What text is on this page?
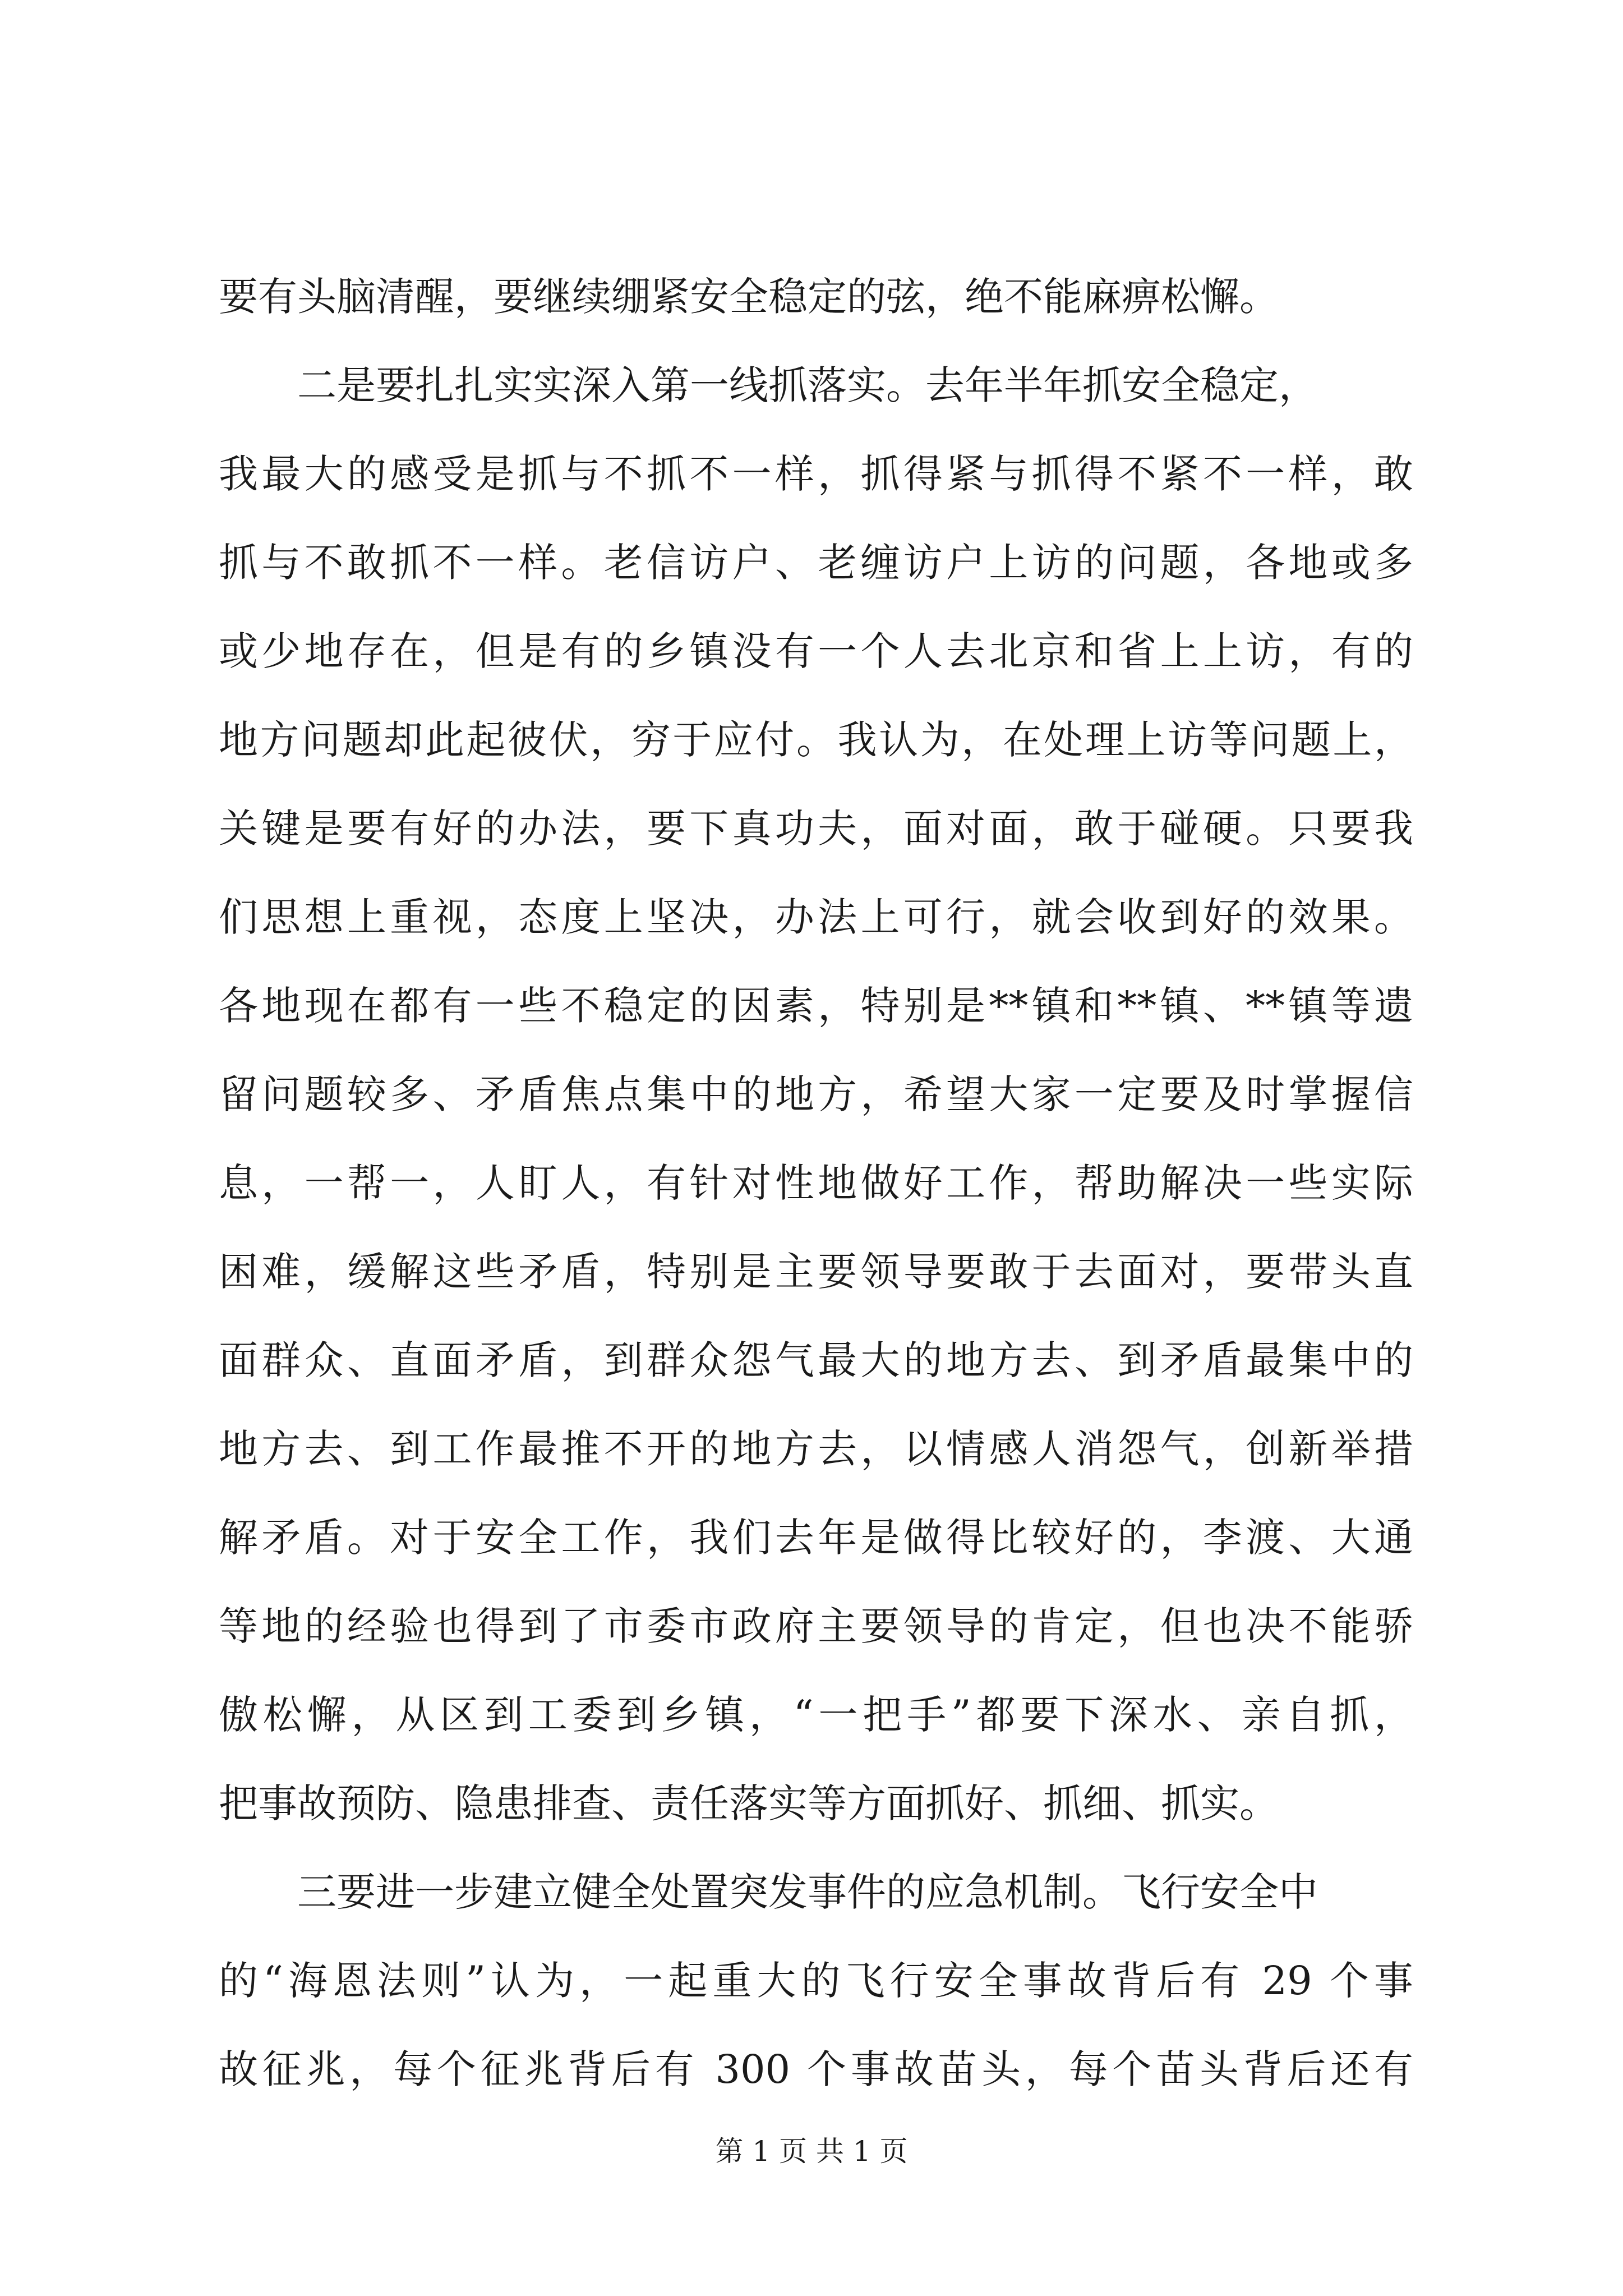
要有头脑清醒，要继续绷紧安全稳定的弦，绝不能麻痹松懈。
二是要扎扎实实深入第一线抓落实。去年半年抓安全稳定，
我最大的感受是抓与不抓不一样，抓得紧与抓得不紧不一样，敢
抓与不敢抓不一样。老信访户、老缠访户上访的问题，各地或多
或少地存在，但是有的乡镇没有一个人去北京和省上上访，有的
地方问题却此起彼伏，穷于应付。我认为，在处理上访等问题上，
关键是要有好的办法，要下真功夫，面对面，敢于碰硬。只要我
们思想上重视，态度上坚决，办法上可行，就会收到好的效果。
各地现在都有一些不稳定的因素，特别是**镇和**镇、**镇等遗
留问题较多、矛盾焦点集中的地方，希望大家一定要及时掌握信
息，一帮一，人盯人，有针对性地做好工作，帮助解决一些实际
困难，缓解这些矛盾，特别是主要领导要敢于去面对，要带头直
面群众、直面矛盾，到群众怨气最大的地方去、到矛盾最集中的
地方去、到工作最推不开的地方去，以情感人消怨气，创新举措
解矛盾。对于安全工作，我们去年是做得比较好的，李渡、大通
等地的经验也得到了市委市政府主要领导的肯定，但也决不能骄
傲松懈，从区到工委到乡镇，“一把手”都要下深水、亲自抓，
把事故预防、隐患排查、责任落实等方面抓好、抓细、抓实。
三要进一步建立健全处置突发事件的应急机制。飞行安全中
的“海恩法则”认为，一起重大的飞行安全事故背后有 29 个事
故征兆，每个征兆背后有 300 个事故苗头，每个苗头背后还有
第 1 页 共 1 页
